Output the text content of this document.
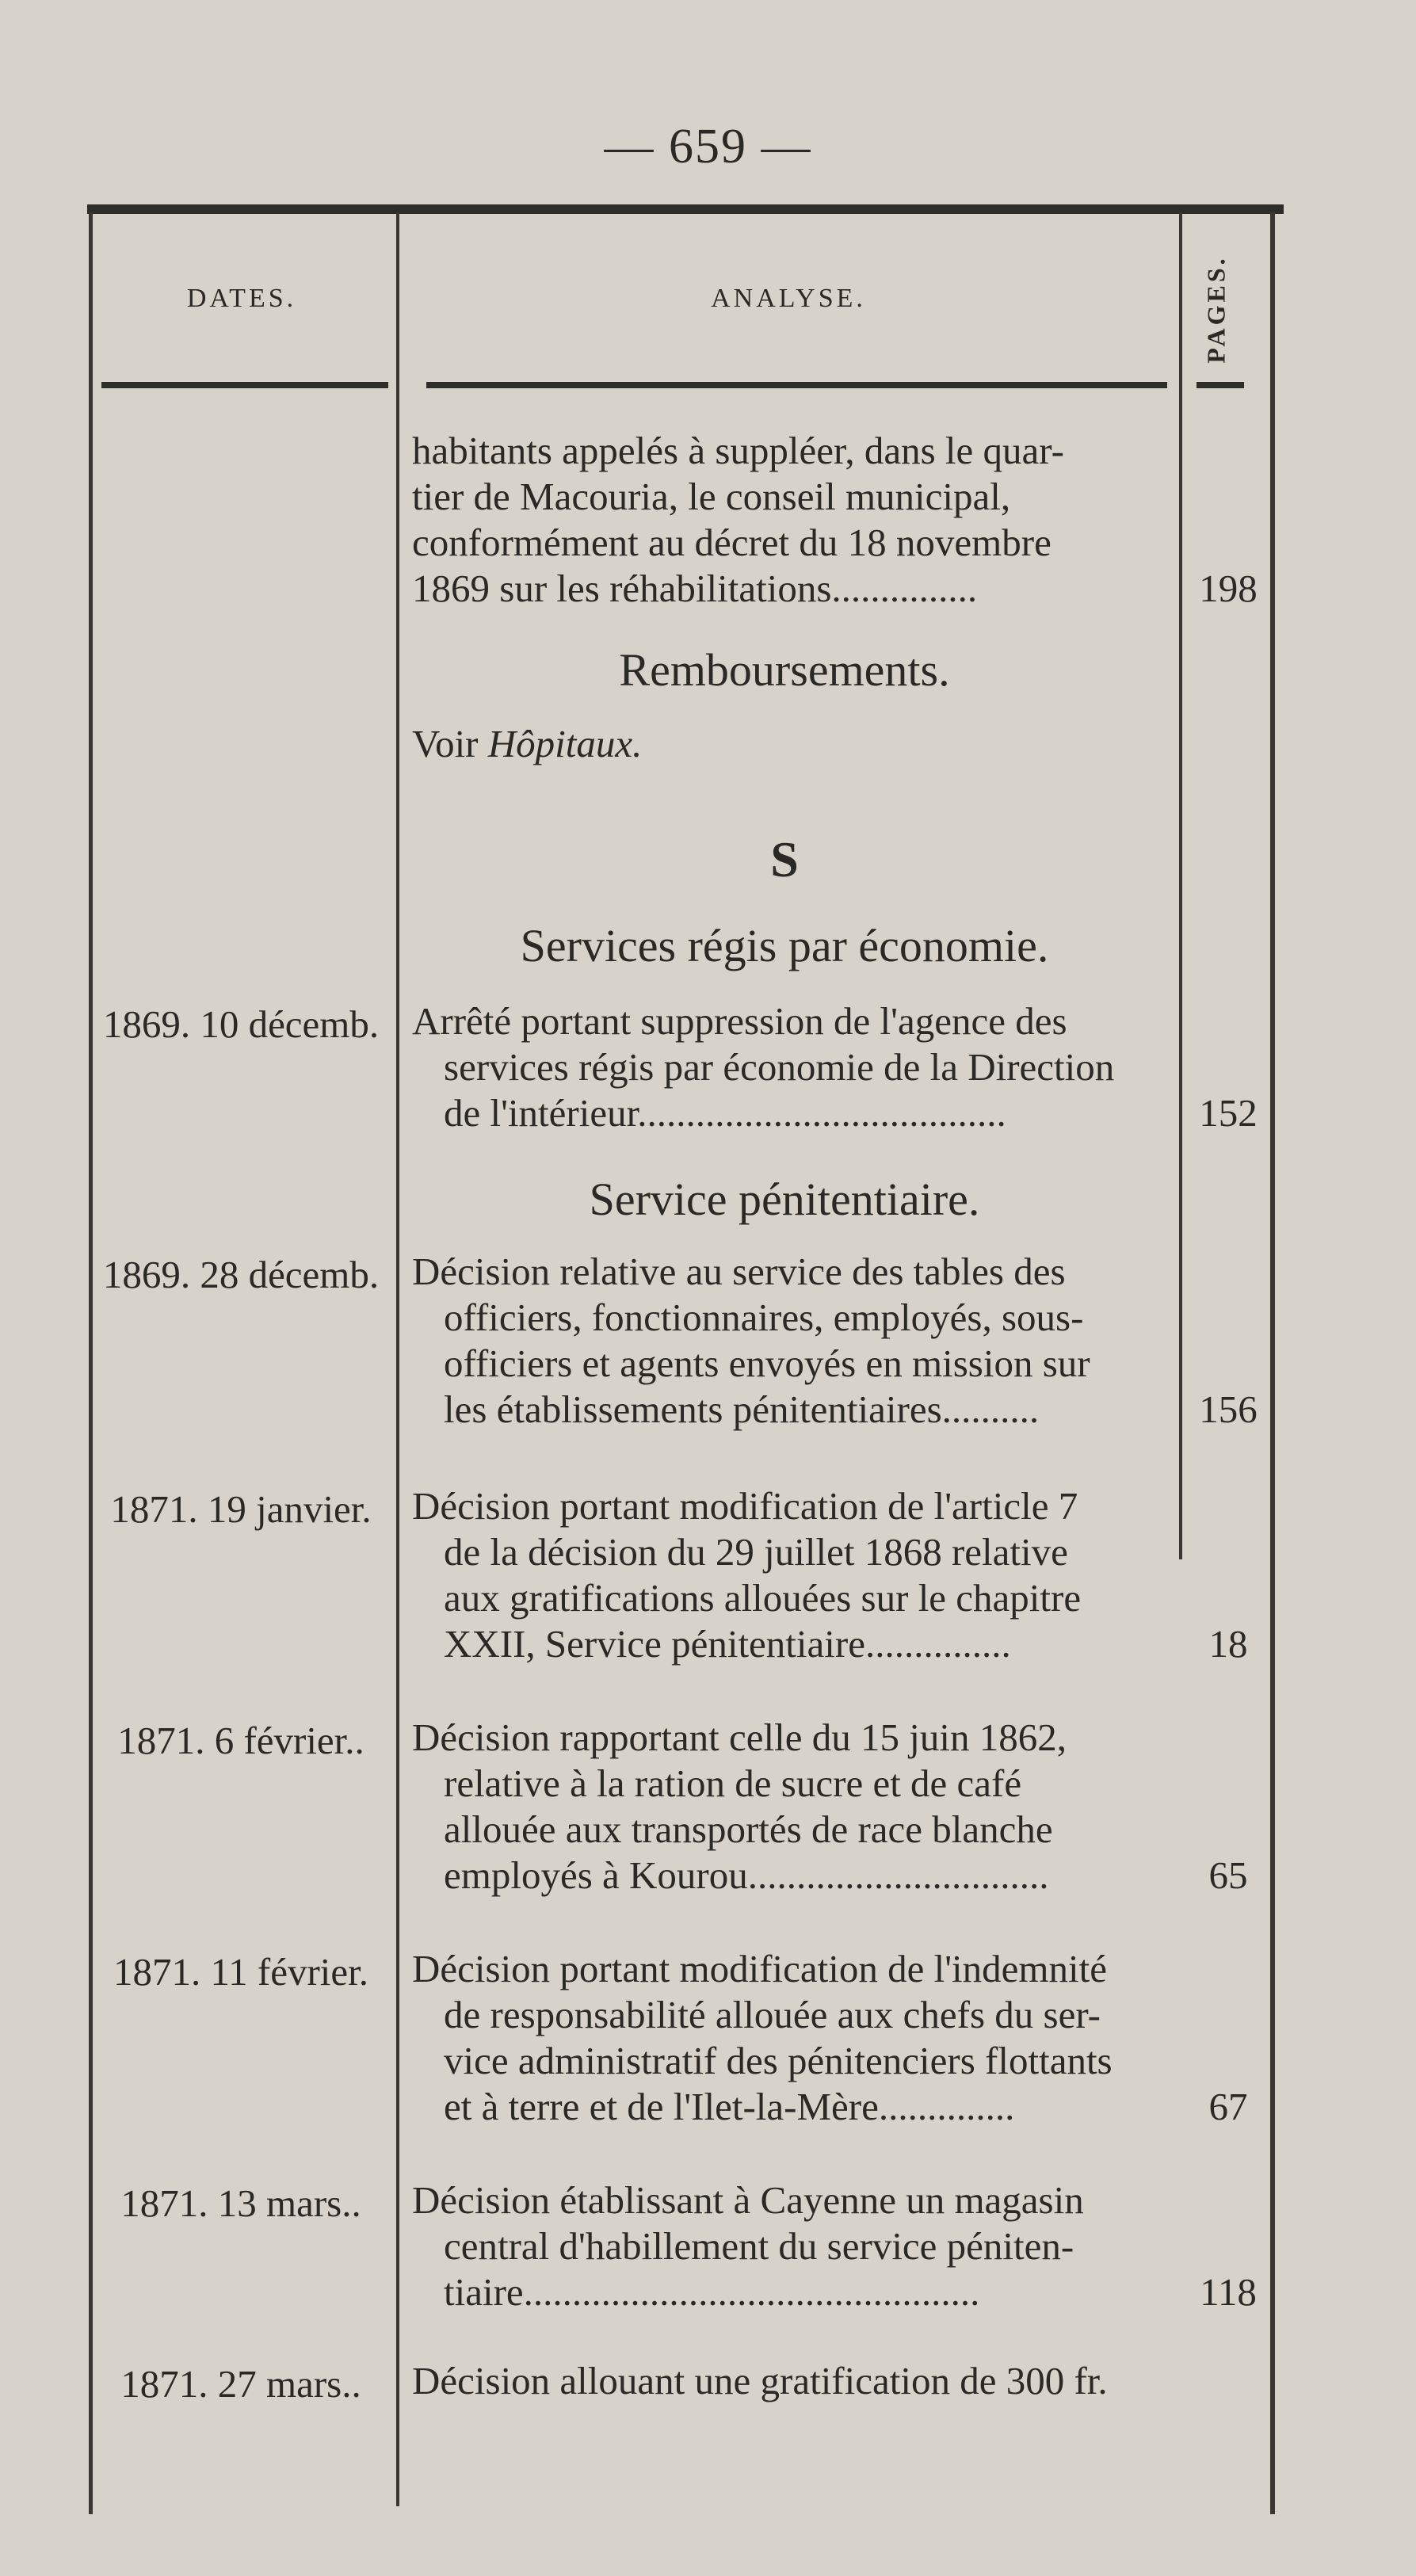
— 659 —
DATES.	ANALYSE.	PAGES.
habitants appelés à suppléer, dans le quar-
tier de Macouria, le conseil municipal,
conformément au décret du 18 novembre
1869 sur les réhabilitations...............	198
Remboursements.
Voir Hôpitaux.
S
Services régis par économie.
1869. 10 décemb. Arrêté portant suppression de l'agence des
services régis par économie de la Direction
de l'intérieur......................................	152
Service pénitentiaire.
1869. 28 décemb. Décision relative au service des tables des
officiers, fonctionnaires, employés, sous-
officiers et agents envoyés en mission sur
les établissements pénitentiaires..........	156
1871. 19 janvier.	Décision portant modification de l'article 7
de la décision du 29 juillet 1868 relative
aux gratifications allouées sur le chapitre
XXII, Service pénitentiaire...............	18
1871. 6 février..	Décision rapportant celle du 15 juin 1862,
relative à la ration de sucre et de café
allouée aux transportés de race blanche
employés à Kourou...............................	65
1871. 11 février.	Décision portant modification de l'indemnité
de responsabilité allouée aux chefs du ser-
vice administratif des pénitenciers flottants
et à terre et de l'Ilet-la-Mère..............	67
1871. 13 mars..	Décision établissant à Cayenne un magasin
central d'habillement du service péniten-
tiaire...............................................	118
1871. 27 mars..	Décision allouant une gratification de 300 fr.
